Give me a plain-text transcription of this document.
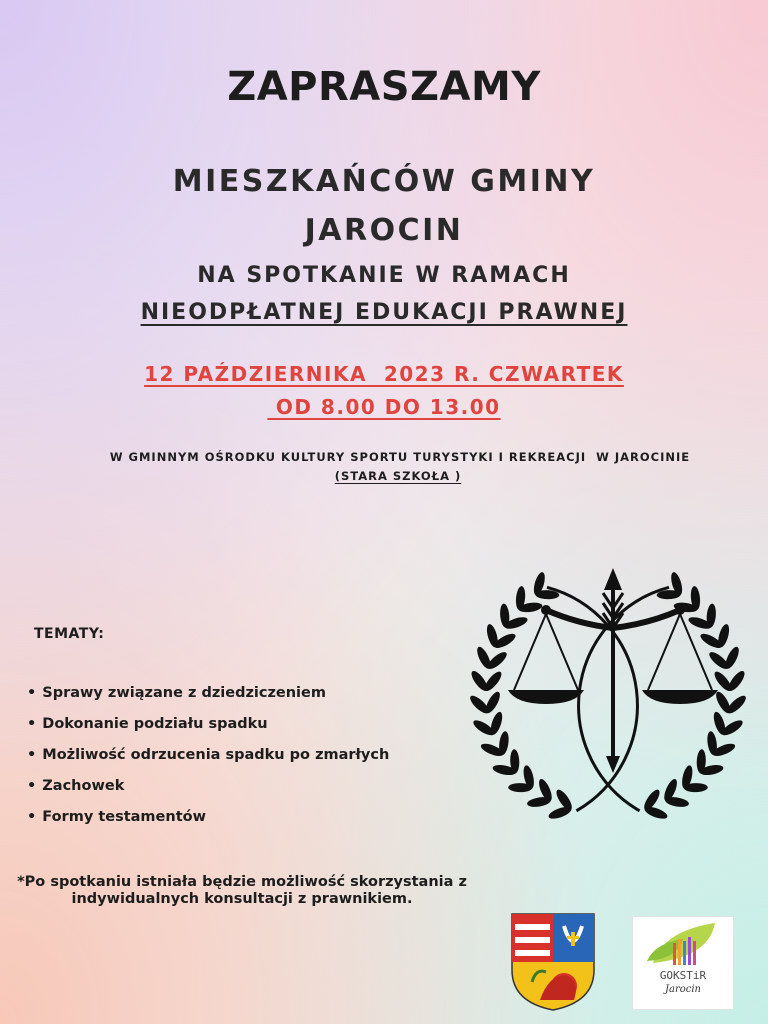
ZAPRASZAMY
MIESZKAŃCÓW GMINY
JAROCIN
NA SPOTKANIE W RAMACH
NIEODPŁATNEJ EDUKACJI PRAWNEJ
12 PAŹDZIERNIKA  2023 R. CZWARTEK
OD 8.00 DO 13.00
W GMINNYM OŚRODKU KULTURY SPORTU TURYSTYKI I REKREACJI  W JAROCINIE
(STARA SZKOŁA )
TEMATY:
• Sprawy związane z dziedziczeniem
• Dokonanie podziału spadku
• Możliwość odrzucenia spadku po zmarłych
• Zachowek
• Formy testamentów
*Po spotkaniu istniała będzie możliwość skorzystania z indywidualnych konsultacji z prawnikiem.
GOKSTiR
Jarocin
